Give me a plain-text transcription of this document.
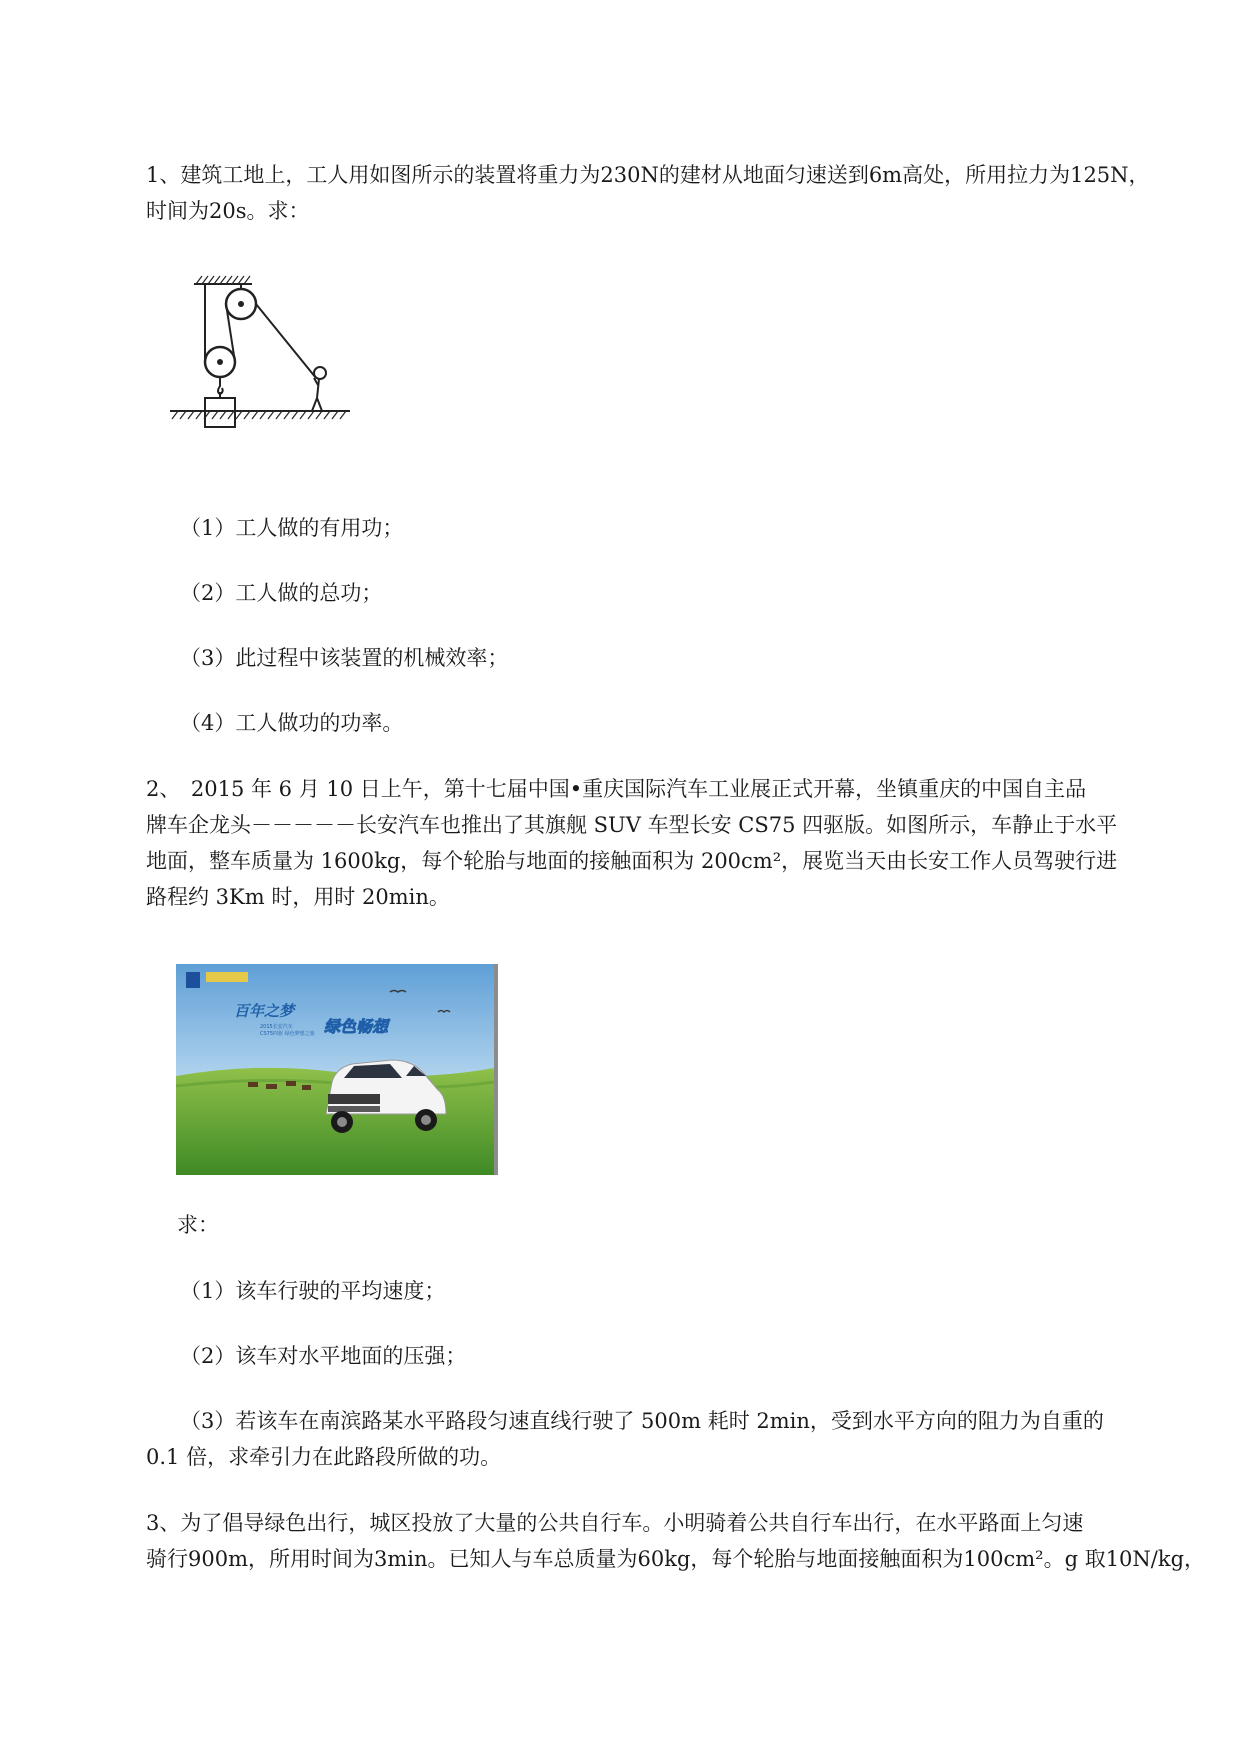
1、建筑工地上，工人用如图所示的装置将重力为230N的建材从地面匀速送到6m高处，所用拉力为125N，
时间为20s。求：
（1）工人做的有用功；
（2）工人做的总功；
（3）此过程中该装置的机械效率；
（4）工人做功的功率。
2、　2015 年 6 月 10 日上午，第十七届中国•重庆国际汽车工业展正式开幕，坐镇重庆的中国自主品
牌车企龙头－－－－－长安汽车也推出了其旗舰 SUV 车型长安 CS75 四驱版。如图所示，车静止于水平
地面，整车质量为 1600kg，每个轮胎与地面的接触面积为 200cm²，展览当天由长安工作人员驾驶行进
路程约 3Km 时，用时 20min。
百年之梦
绿色畅想
2015长安汽车
CS75四驱 绿色梦想之旅
求：
（1）该车行驶的平均速度；
（2）该车对水平地面的压强；
（3）若该车在南滨路某水平路段匀速直线行驶了 500m 耗时 2min，受到水平方向的阻力为自重的
0.1 倍，求牵引力在此路段所做的功。
3、为了倡导绿色出行，城区投放了大量的公共自行车。小明骑着公共自行车出行，在水平路面上匀速
骑行900m，所用时间为3min。已知人与车总质量为60kg，每个轮胎与地面接触面积为100cm²。g 取10N/kg，
